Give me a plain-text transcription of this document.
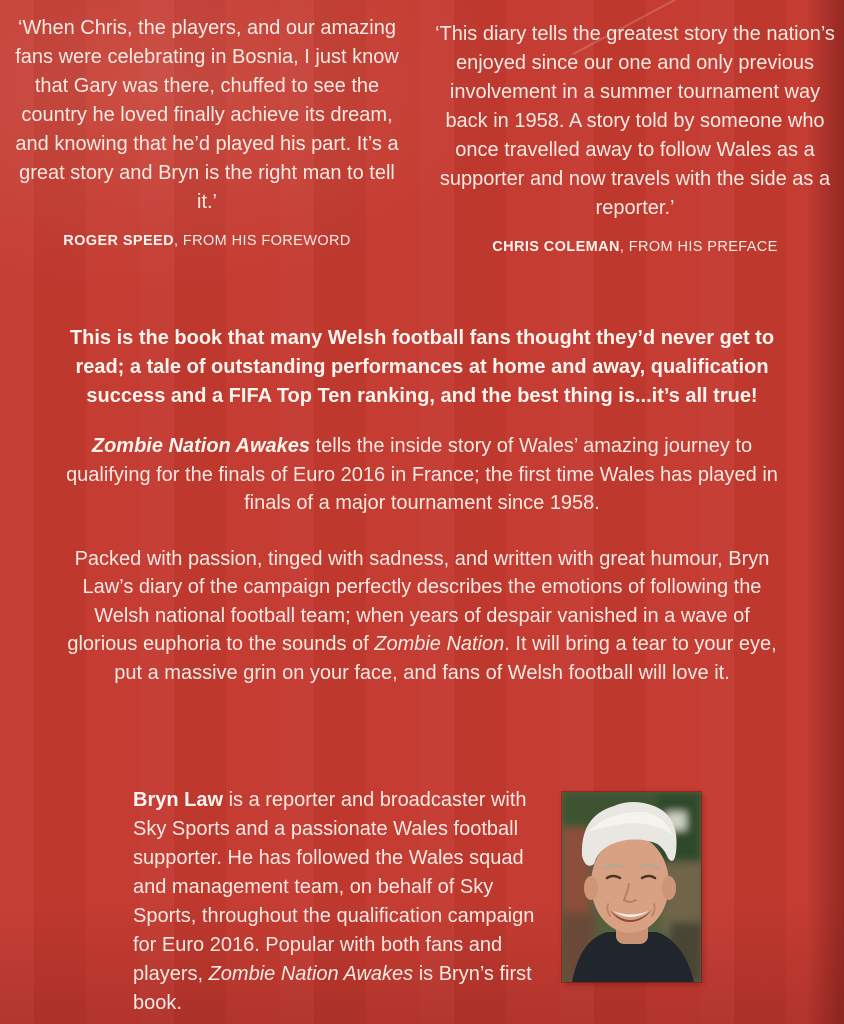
‘When Chris, the players, and our amazing fans were celebrating in Bosnia, I just know that Gary was there, chuffed to see the country he loved finally achieve its dream, and knowing that he’d played his part. It’s a great story and Bryn is the right man to tell it.’

ROGER SPEED, FROM HIS FOREWORD

‘This diary tells the greatest story the nation’s enjoyed since our one and only previous involvement in a summer tournament way back in 1958. A story told by someone who once travelled away to follow Wales as a supporter and now travels with the side as a reporter.’

CHRIS COLEMAN, FROM HIS PREFACE

This is the book that many Welsh football fans thought they’d never get to read; a tale of outstanding performances at home and away, qualification success and a FIFA Top Ten ranking, and the best thing is...it’s all true!

Zombie Nation Awakes tells the inside story of Wales’ amazing journey to qualifying for the finals of Euro 2016 in France; the first time Wales has played in finals of a major tournament since 1958.

Packed with passion, tinged with sadness, and written with great humour, Bryn Law’s diary of the campaign perfectly describes the emotions of following the Welsh national football team; when years of despair vanished in a wave of glorious euphoria to the sounds of Zombie Nation. It will bring a tear to your eye, put a massive grin on your face, and fans of Welsh football will love it.

Bryn Law is a reporter and broadcaster with Sky Sports and a passionate Wales football supporter. He has followed the Wales squad and management team, on behalf of Sky Sports, throughout the qualification campaign for Euro 2016. Popular with both fans and players, Zombie Nation Awakes is Bryn’s first book.
